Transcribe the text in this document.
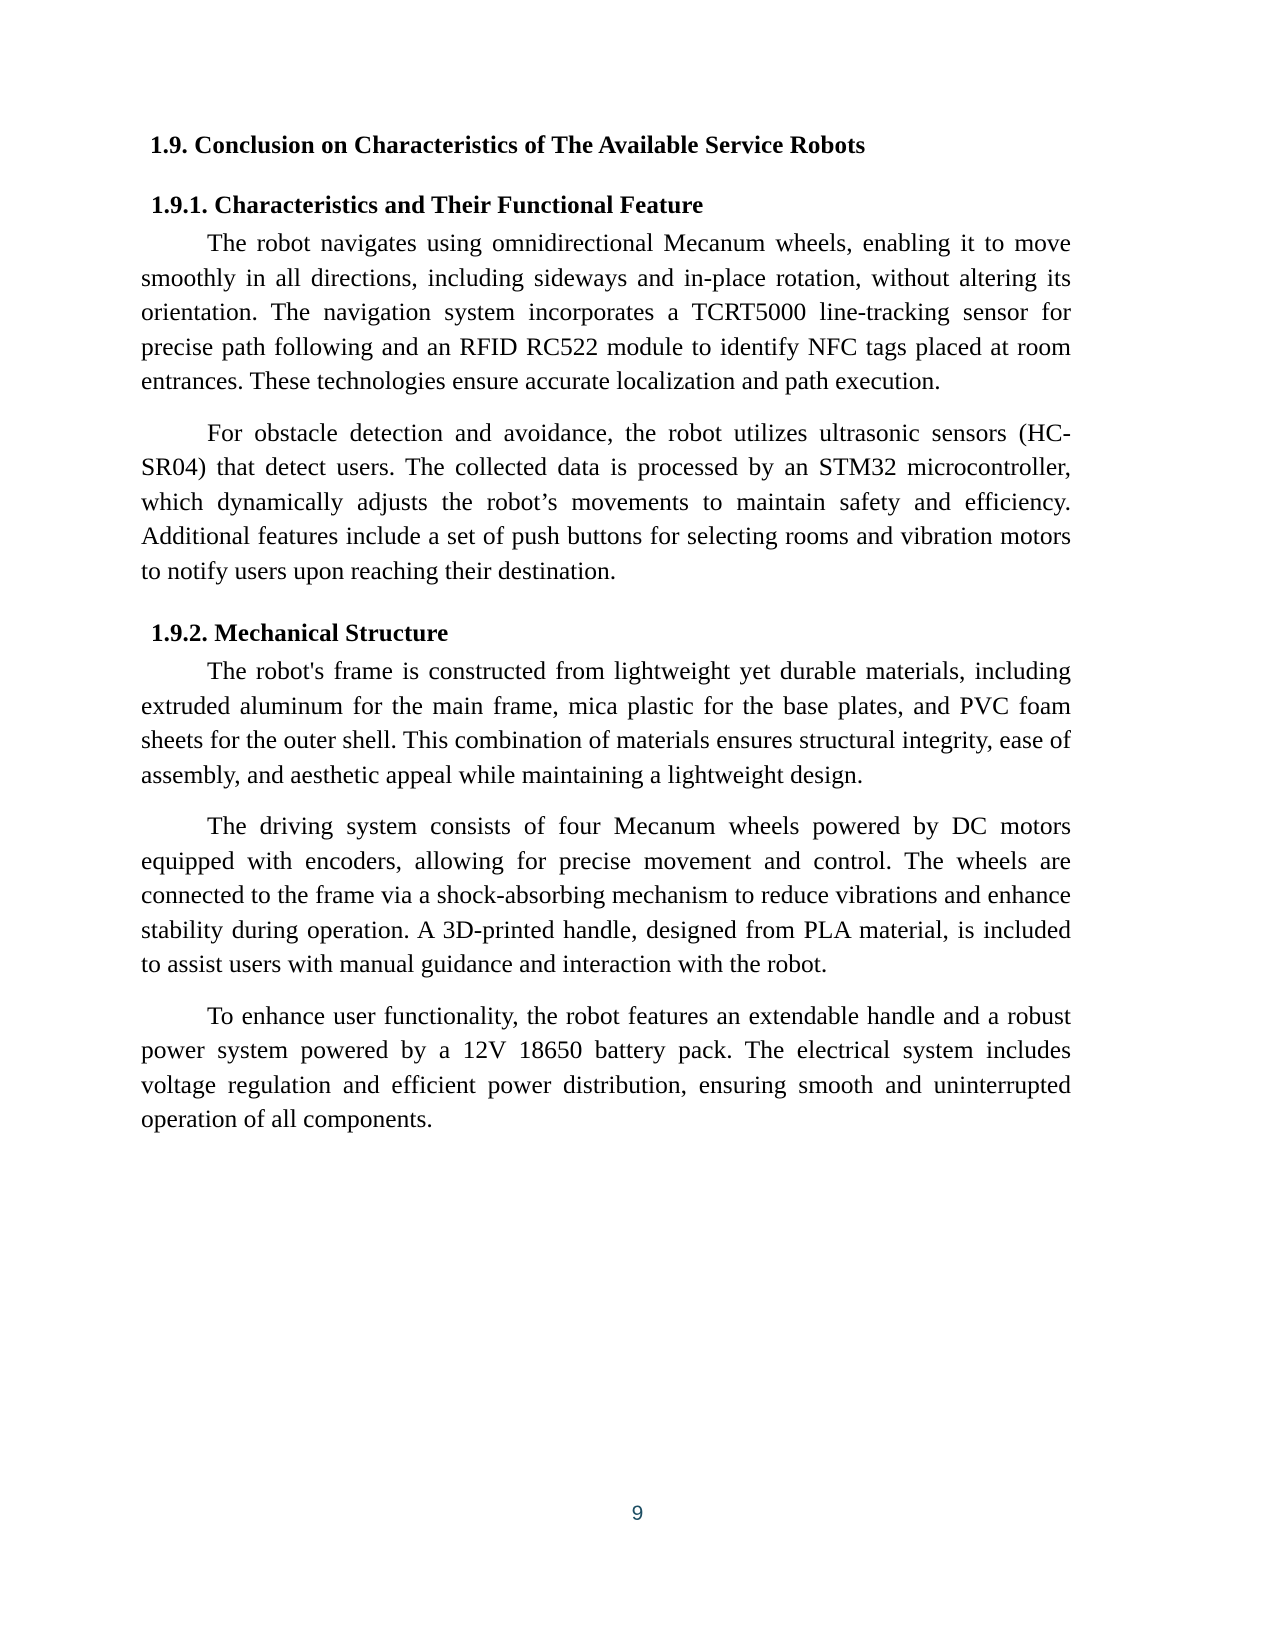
1.9. Conclusion on Characteristics of The Available Service Robots
1.9.1. Characteristics and Their Functional Feature

The robot navigates using omnidirectional Mecanum wheels, enabling it to move smoothly in all directions, including sideways and in-place rotation, without altering its orientation. The navigation system incorporates a TCRT5000 line-tracking sensor for precise path following and an RFID RC522 module to identify NFC tags placed at room entrances. These technologies ensure accurate localization and path execution.

For obstacle detection and avoidance, the robot utilizes ultrasonic sensors (HC-SR04) that detect users. The collected data is processed by an STM32 microcontroller, which dynamically adjusts the robot’s movements to maintain safety and efficiency. Additional features include a set of push buttons for selecting rooms and vibration motors to notify users upon reaching their destination.

1.9.2. Mechanical Structure

The robot's frame is constructed from lightweight yet durable materials, including extruded aluminum for the main frame, mica plastic for the base plates, and PVC foam sheets for the outer shell. This combination of materials ensures structural integrity, ease of assembly, and aesthetic appeal while maintaining a lightweight design.

The driving system consists of four Mecanum wheels powered by DC motors equipped with encoders, allowing for precise movement and control. The wheels are connected to the frame via a shock-absorbing mechanism to reduce vibrations and enhance stability during operation. A 3D-printed handle, designed from PLA material, is included to assist users with manual guidance and interaction with the robot.

To enhance user functionality, the robot features an extendable handle and a robust power system powered by a 12V 18650 battery pack. The electrical system includes voltage regulation and efficient power distribution, ensuring smooth and uninterrupted operation of all components.

9
